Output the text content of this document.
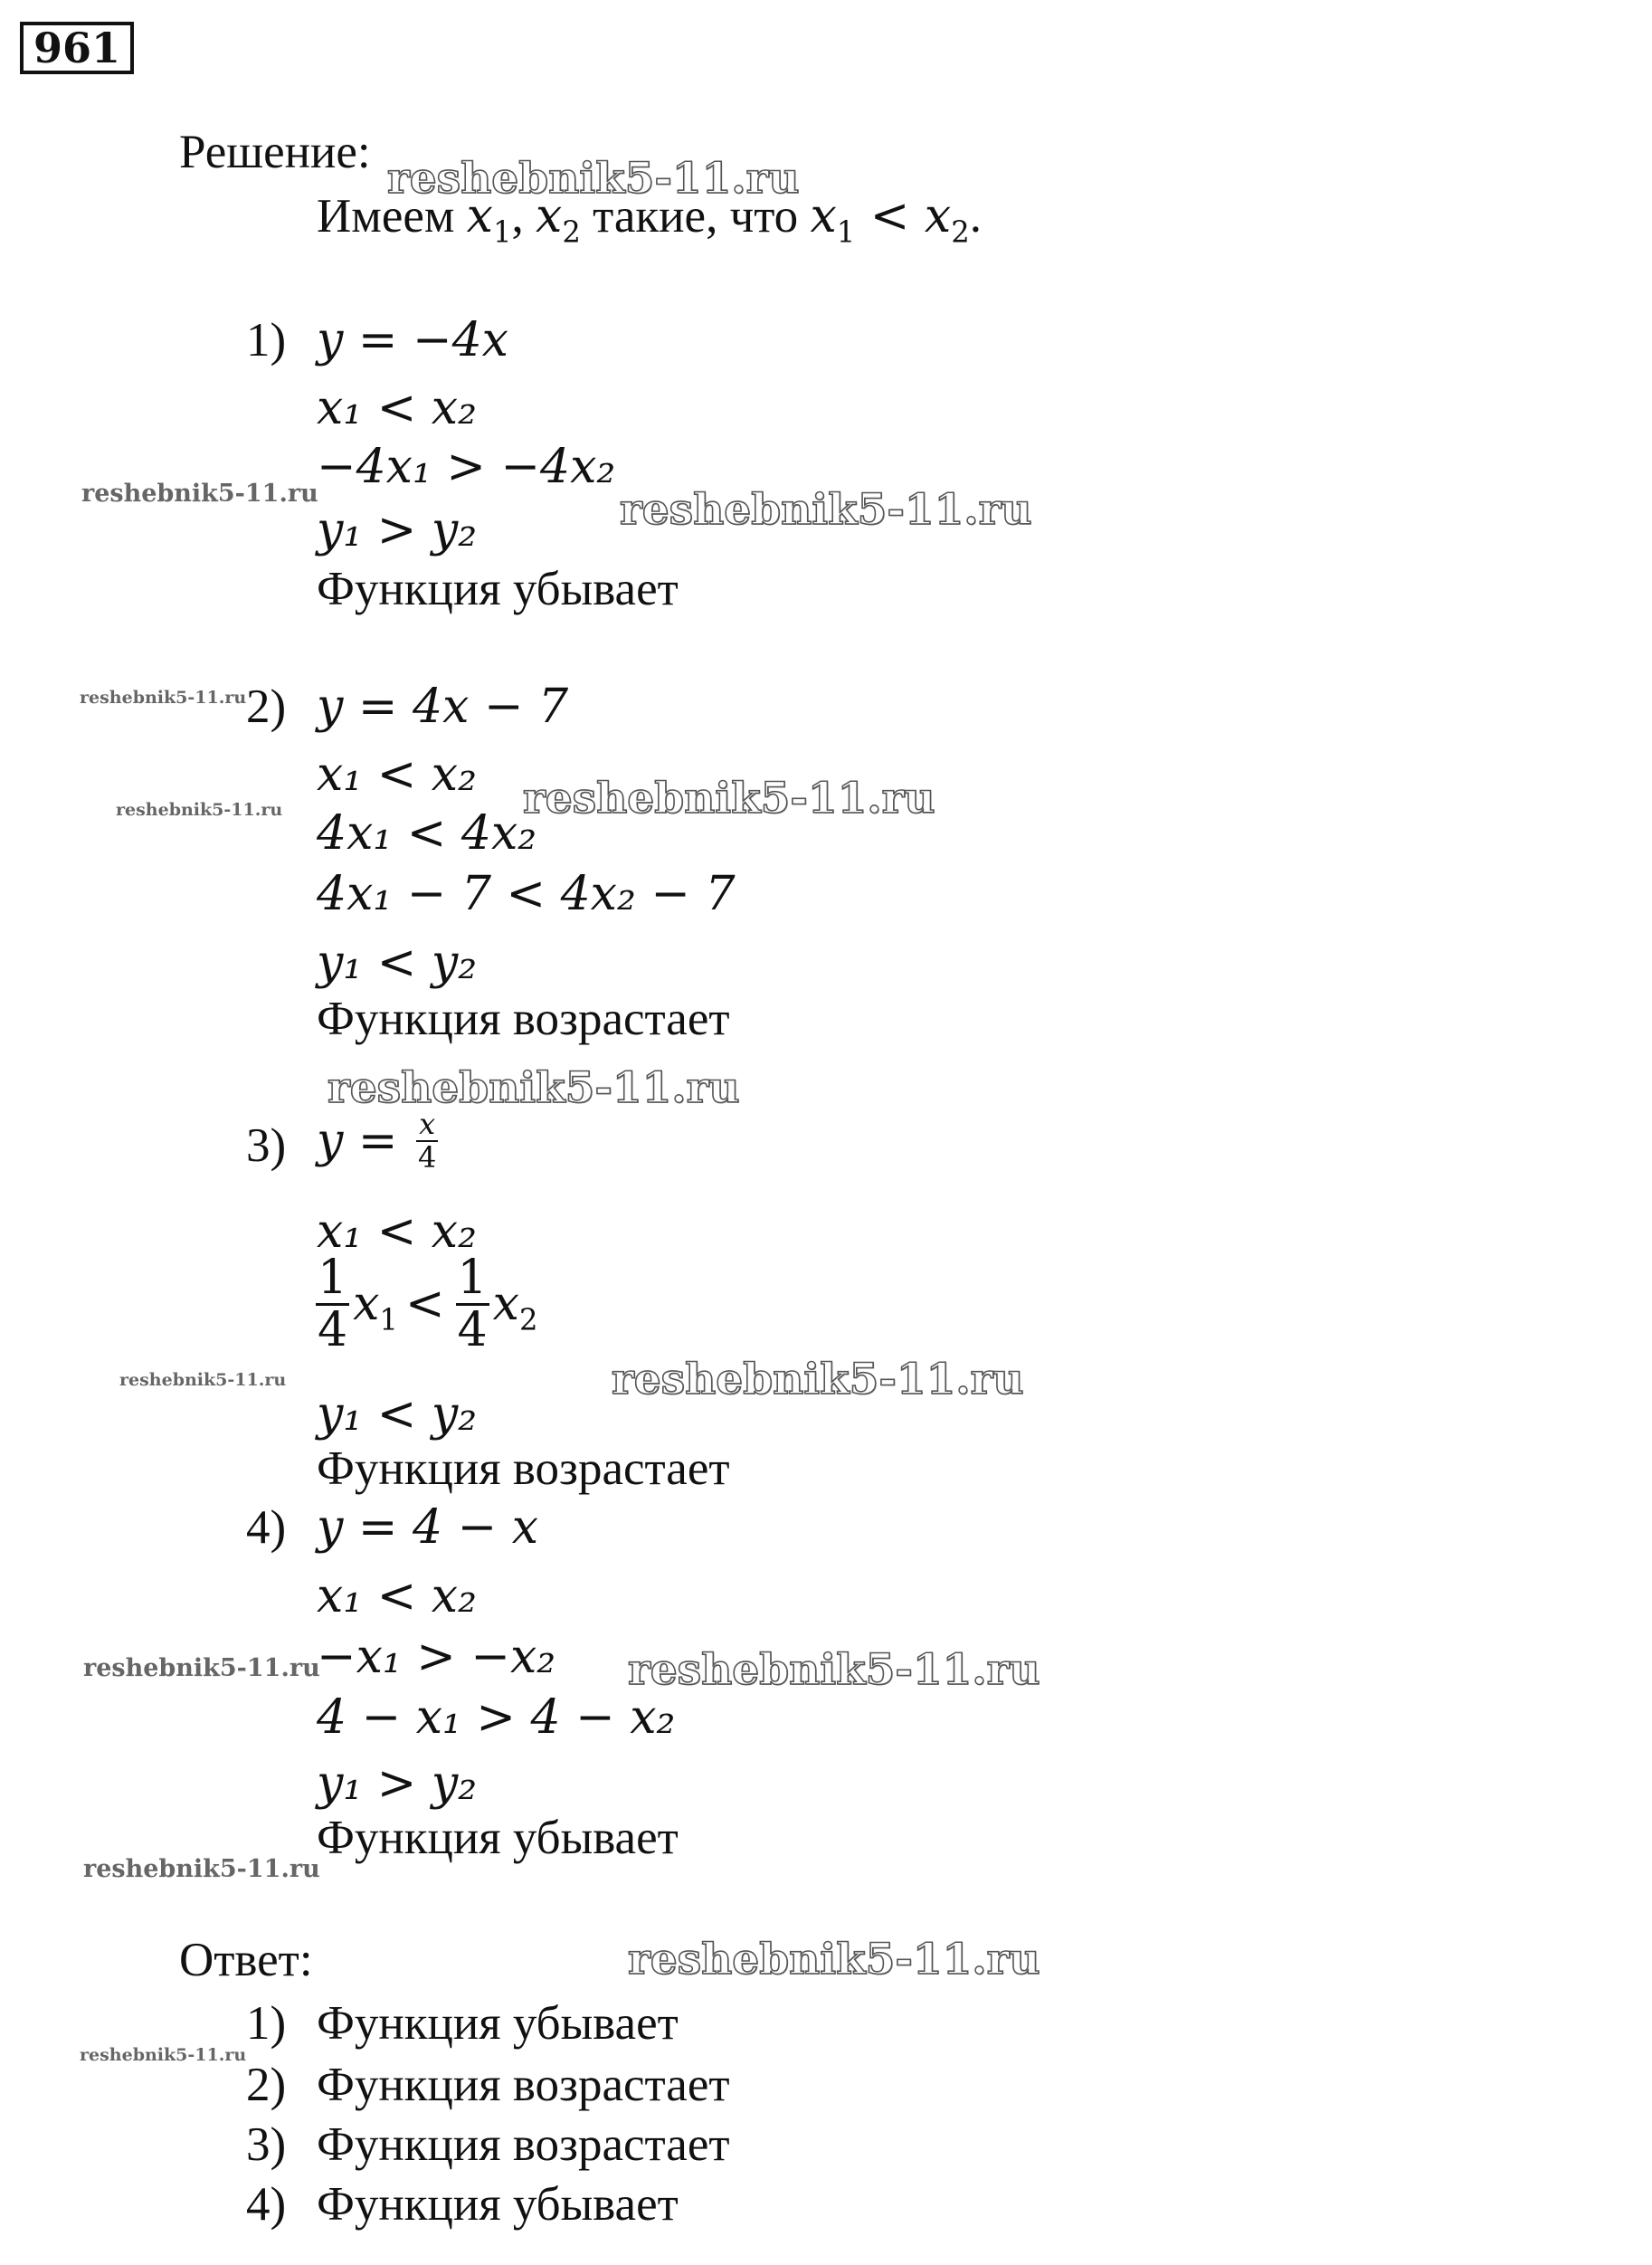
961
Решение:
Имеем $x_1$, $x_2$ такие, что $x_1 < x_2$.
1) y = −4x
x₁ < x₂
−4x₁ > −4x₂
y₁ > y₂
Функция убывает
2) y = 4x − 7
x₁ < x₂
4x₁ < 4x₂
4x₁ − 7 < 4x₂ − 7
y₁ < y₂
Функция возрастает
3) $y = \frac{x}{4}$
x₁ < x₂
$\frac{1}{4} x_1 < \frac{1}{4} x_2$
y₁ < y₂
Функция возрастает
4) y = 4 − x
x₁ < x₂
−x₁ > −x₂
4 − x₁ > 4 − x₂
y₁ > y₂
Функция убывает
Ответ:
1) Функция убывает
2) Функция возрастает
3) Функция возрастает
4) Функция убывает
reshebnik5-11.ru
reshebnik5-11.ru	reshebnik5-11.ru
reshebnik5-11.ru
reshebnik5-11.ru
reshebnik5-11.ru
reshebnik5-11.ru
reshebnik5-11.ru	reshebnik5-11.ru
reshebnik5-11.ru	reshebnik5-11.ru
reshebnik5-11.ru
reshebnik5-11.ru
reshebnik5-11.ru
